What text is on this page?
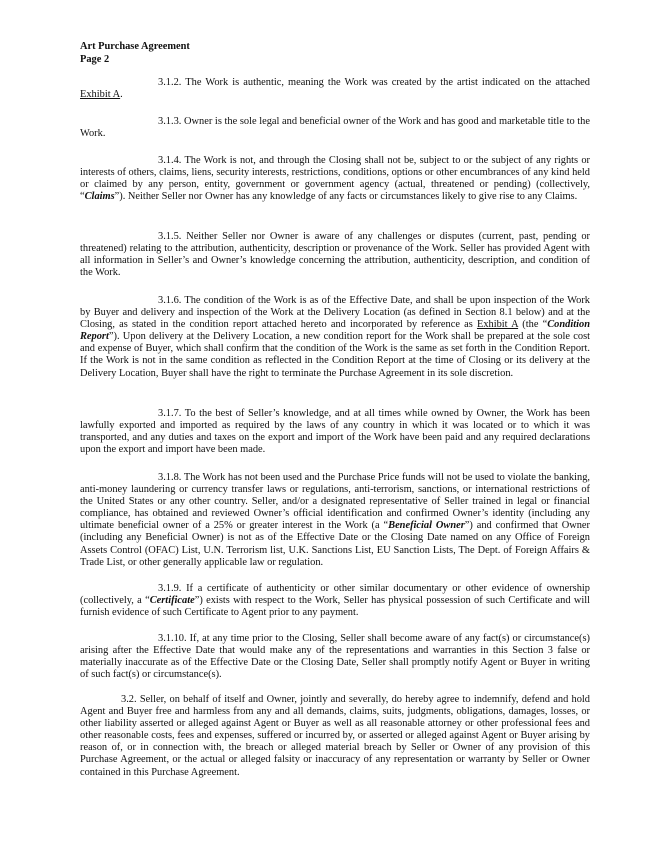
Art Purchase Agreement
Page 2

3.1.2. The Work is authentic, meaning the Work was created by the artist indicated on the attached Exhibit A.

3.1.3. Owner is the sole legal and beneficial owner of the Work and has good and marketable title to the Work.

3.1.4. The Work is not, and through the Closing shall not be, subject to or the subject of any rights or interests of others, claims, liens, security interests, restrictions, conditions, options or other encumbrances of any kind held or claimed by any person, entity, government or government agency (actual, threatened or pending) (collectively, “Claims”). Neither Seller nor Owner has any knowledge of any facts or circumstances likely to give rise to any Claims.

3.1.5. Neither Seller nor Owner is aware of any challenges or disputes (current, past, pending or threatened) relating to the attribution, authenticity, description or provenance of the Work. Seller has provided Agent with all information in Seller’s and Owner’s knowledge concerning the attribution, authenticity, description, and condition of the Work.

3.1.6. The condition of the Work is as of the Effective Date, and shall be upon inspection of the Work by Buyer and delivery and inspection of the Work at the Delivery Location (as defined in Section 8.1 below) and at the Closing, as stated in the condition report attached hereto and incorporated by reference as Exhibit A (the “Condition Report”). Upon delivery at the Delivery Location, a new condition report for the Work shall be prepared at the sole cost and expense of Buyer, which shall confirm that the condition of the Work is the same as set forth in the Condition Report. If the Work is not in the same condition as reflected in the Condition Report at the time of Closing or its delivery at the Delivery Location, Buyer shall have the right to terminate the Purchase Agreement in its sole discretion.

3.1.7. To the best of Seller’s knowledge, and at all times while owned by Owner, the Work has been lawfully exported and imported as required by the laws of any country in which it was located or to which it was transported, and any duties and taxes on the export and import of the Work have been paid and any required declarations upon the export and import have been made.

3.1.8. The Work has not been used and the Purchase Price funds will not be used to violate the banking, anti-money laundering or currency transfer laws or regulations, anti-terrorism, sanctions, or international restrictions of the United States or any other country. Seller, and/or a designated representative of Seller trained in legal or financial compliance, has obtained and reviewed Owner’s official identification and confirmed Owner’s identity (including any ultimate beneficial owner of a 25% or greater interest in the Work (a “Beneficial Owner”) and confirmed that Owner (including any Beneficial Owner) is not as of the Effective Date or the Closing Date named on any Office of Foreign Assets Control (OFAC) List, U.N. Terrorism list, U.K. Sanctions List, EU Sanction Lists, The Dept. of Foreign Affairs & Trade List, or other generally applicable law or regulation.

3.1.9. If a certificate of authenticity or other similar documentary or other evidence of ownership (collectively, a “Certificate”) exists with respect to the Work, Seller has physical possession of such Certificate and will furnish evidence of such Certificate to Agent prior to any payment.

3.1.10. If, at any time prior to the Closing, Seller shall become aware of any fact(s) or circumstance(s) arising after the Effective Date that would make any of the representations and warranties in this Section 3 false or materially inaccurate as of the Effective Date or the Closing Date, Seller shall promptly notify Agent or Buyer in writing of such fact(s) or circumstance(s).

3.2. Seller, on behalf of itself and Owner, jointly and severally, do hereby agree to indemnify, defend and hold Agent and Buyer free and harmless from any and all demands, claims, suits, judgments, obligations, damages, losses, or other liability asserted or alleged against Agent or Buyer as well as all reasonable attorney or other professional fees and other reasonable costs, fees and expenses, suffered or incurred by, or asserted or alleged against Agent or Buyer arising by reason of, or in connection with, the breach or alleged material breach by Seller or Owner of any provision of this Purchase Agreement, or the actual or alleged falsity or inaccuracy of any representation or warranty by Seller or Owner contained in this Purchase Agreement.
